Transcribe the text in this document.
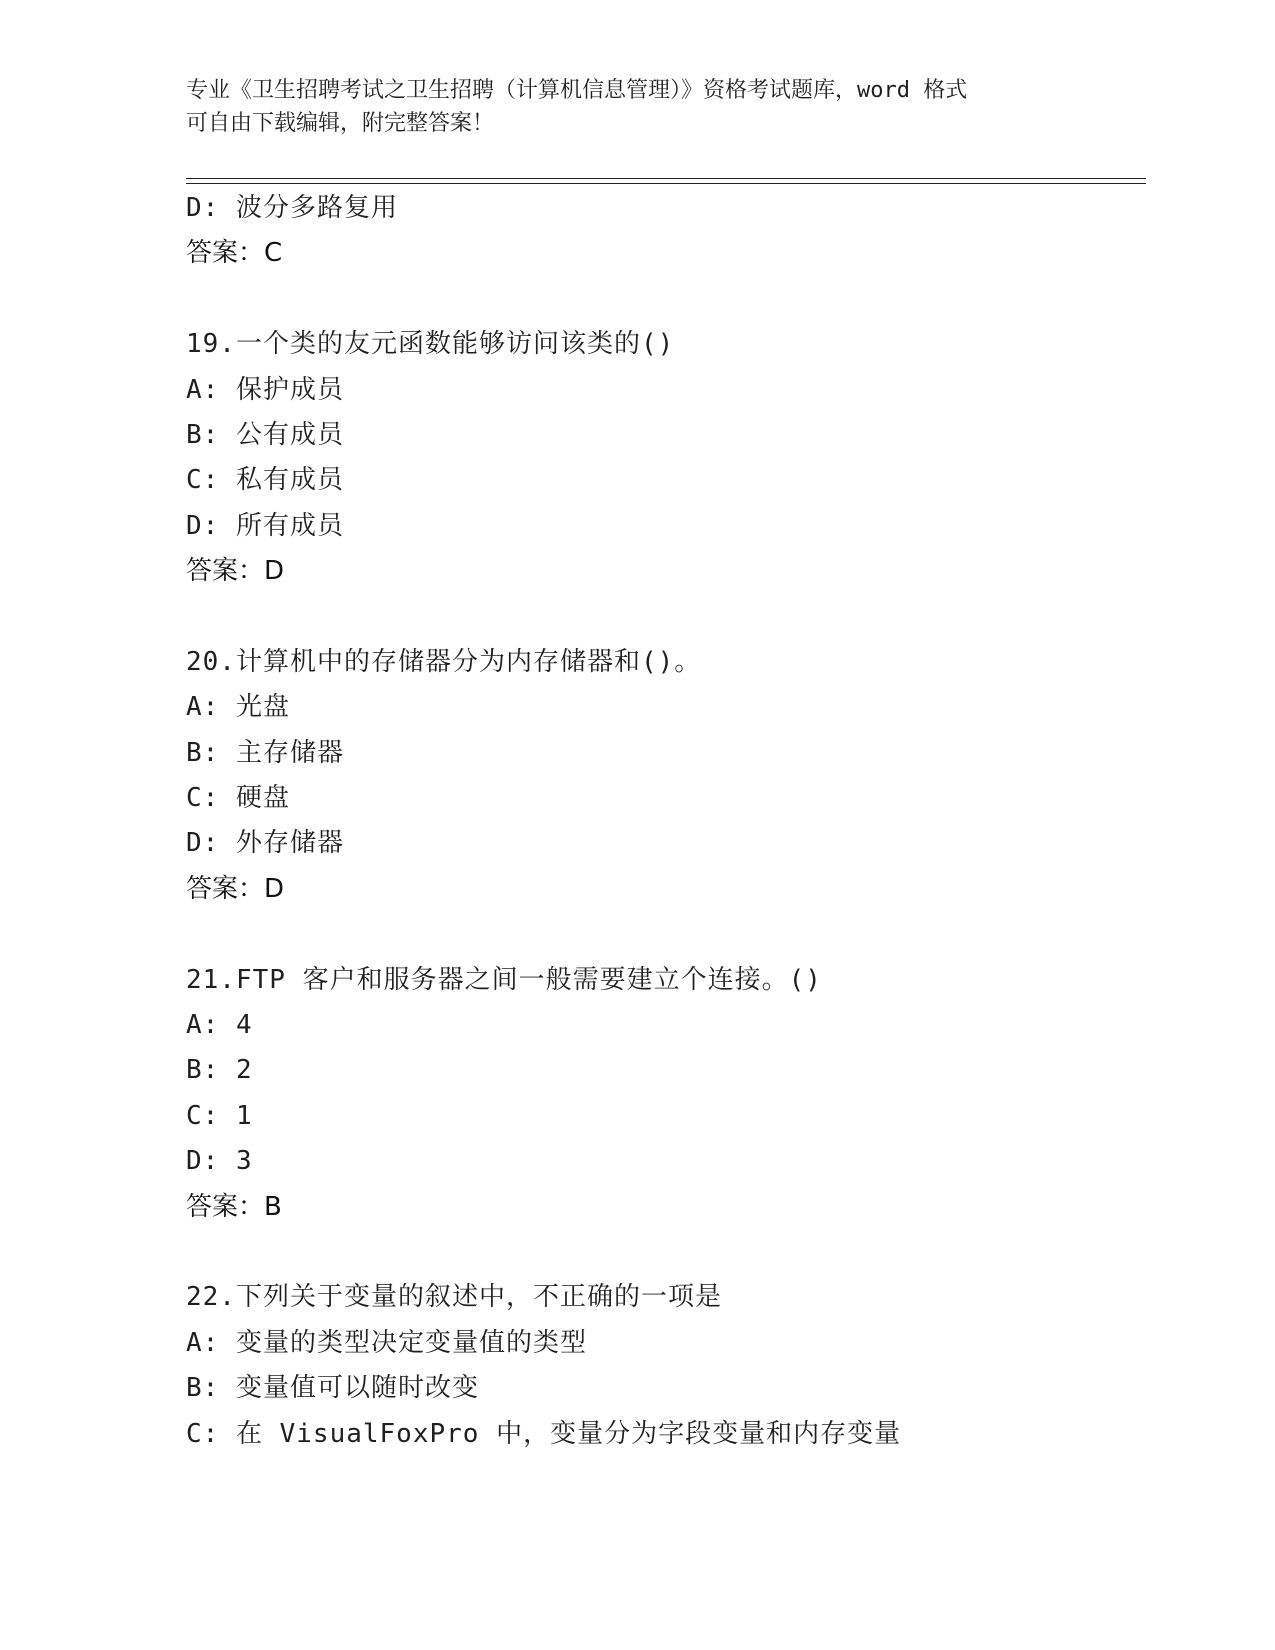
专业《卫生招聘考试之卫生招聘（计算机信息管理）》资格考试题库，word 格式
可自由下载编辑，附完整答案！
D: 波分多路复用
答案：C
19.一个类的友元函数能够访问该类的()
A: 保护成员
B: 公有成员
C: 私有成员
D: 所有成员
答案：D
20.计算机中的存储器分为内存储器和()。
A: 光盘
B: 主存储器
C: 硬盘
D: 外存储器
答案：D
21.FTP 客户和服务器之间一般需要建立个连接。()
A: 4
B: 2
C: 1
D: 3
答案：B
22.下列关于变量的叙述中，不正确的一项是
A: 变量的类型决定变量值的类型
B: 变量值可以随时改变
C: 在 VisualFoxPro 中，变量分为字段变量和内存变量
